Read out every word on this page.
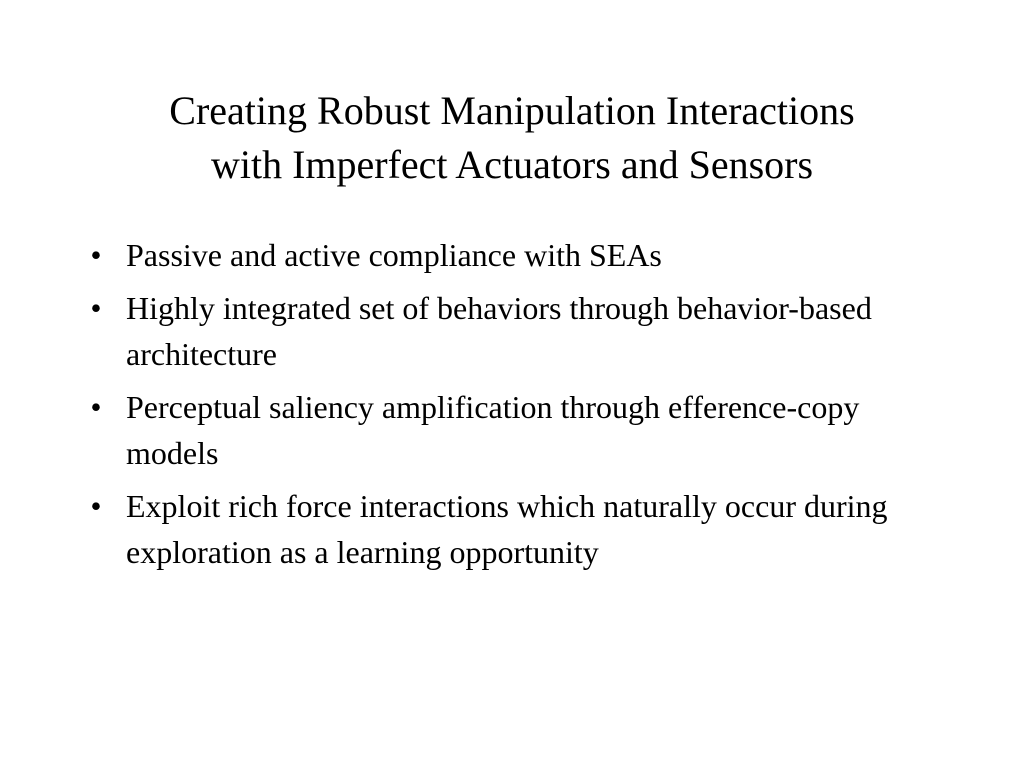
Creating Robust Manipulation Interactions
with Imperfect Actuators and Sensors
• Passive and active compliance with SEAs
• Highly integrated set of behaviors through behavior-based architecture
• Perceptual saliency amplification through efference-copy models
• Exploit rich force interactions which naturally occur during exploration as a learning opportunity
